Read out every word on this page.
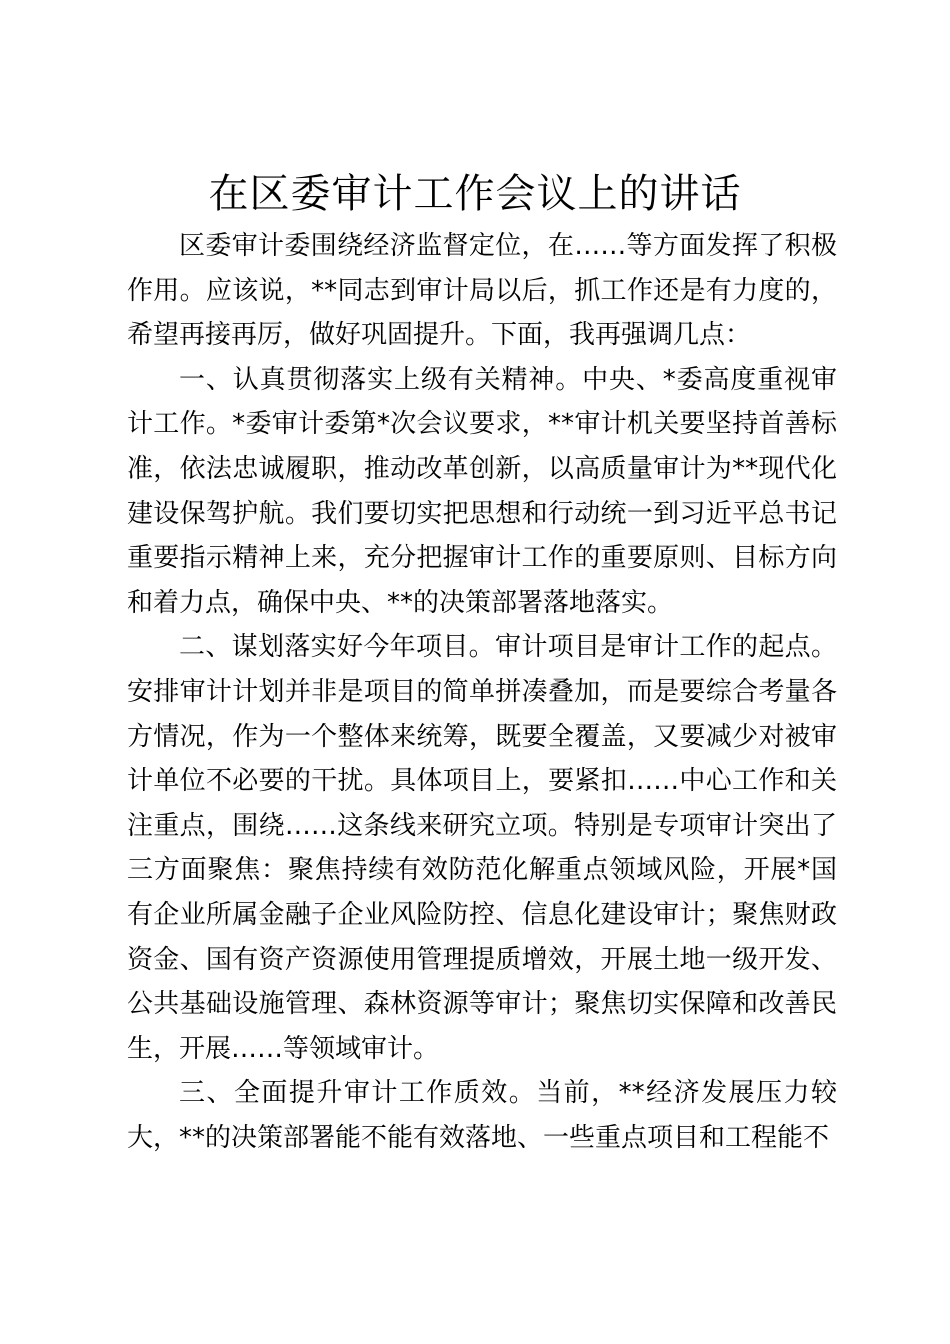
在区委审计工作会议上的讲话

区委审计委围绕经济监督定位，在……等方面发挥了积极作用。应该说，**同志到审计局以后，抓工作还是有力度的，希望再接再厉，做好巩固提升。下面，我再强调几点：

一、认真贯彻落实上级有关精神。中央、*委高度重视审计工作。*委审计委第*次会议要求，**审计机关要坚持首善标准，依法忠诚履职，推动改革创新，以高质量审计为**现代化建设保驾护航。我们要切实把思想和行动统一到习近平总书记重要指示精神上来，充分把握审计工作的重要原则、目标方向和着力点，确保中央、**的决策部署落地落实。

二、谋划落实好今年项目。审计项目是审计工作的起点。安排审计计划并非是项目的简单拼凑叠加，而是要综合考量各方情况，作为一个整体来统筹，既要全覆盖，又要减少对被审计单位不必要的干扰。具体项目上，要紧扣……中心工作和关注重点，围绕……这条线来研究立项。特别是专项审计突出了三方面聚焦：聚焦持续有效防范化解重点领域风险，开展*国有企业所属金融子企业风险防控、信息化建设审计；聚焦财政资金、国有资产资源使用管理提质增效，开展土地一级开发、公共基础设施管理、森林资源等审计；聚焦切实保障和改善民生，开展……等领域审计。

三、全面提升审计工作质效。当前，**经济发展压力较大，**的决策部署能不能有效落地、一些重点项目和工程能不
